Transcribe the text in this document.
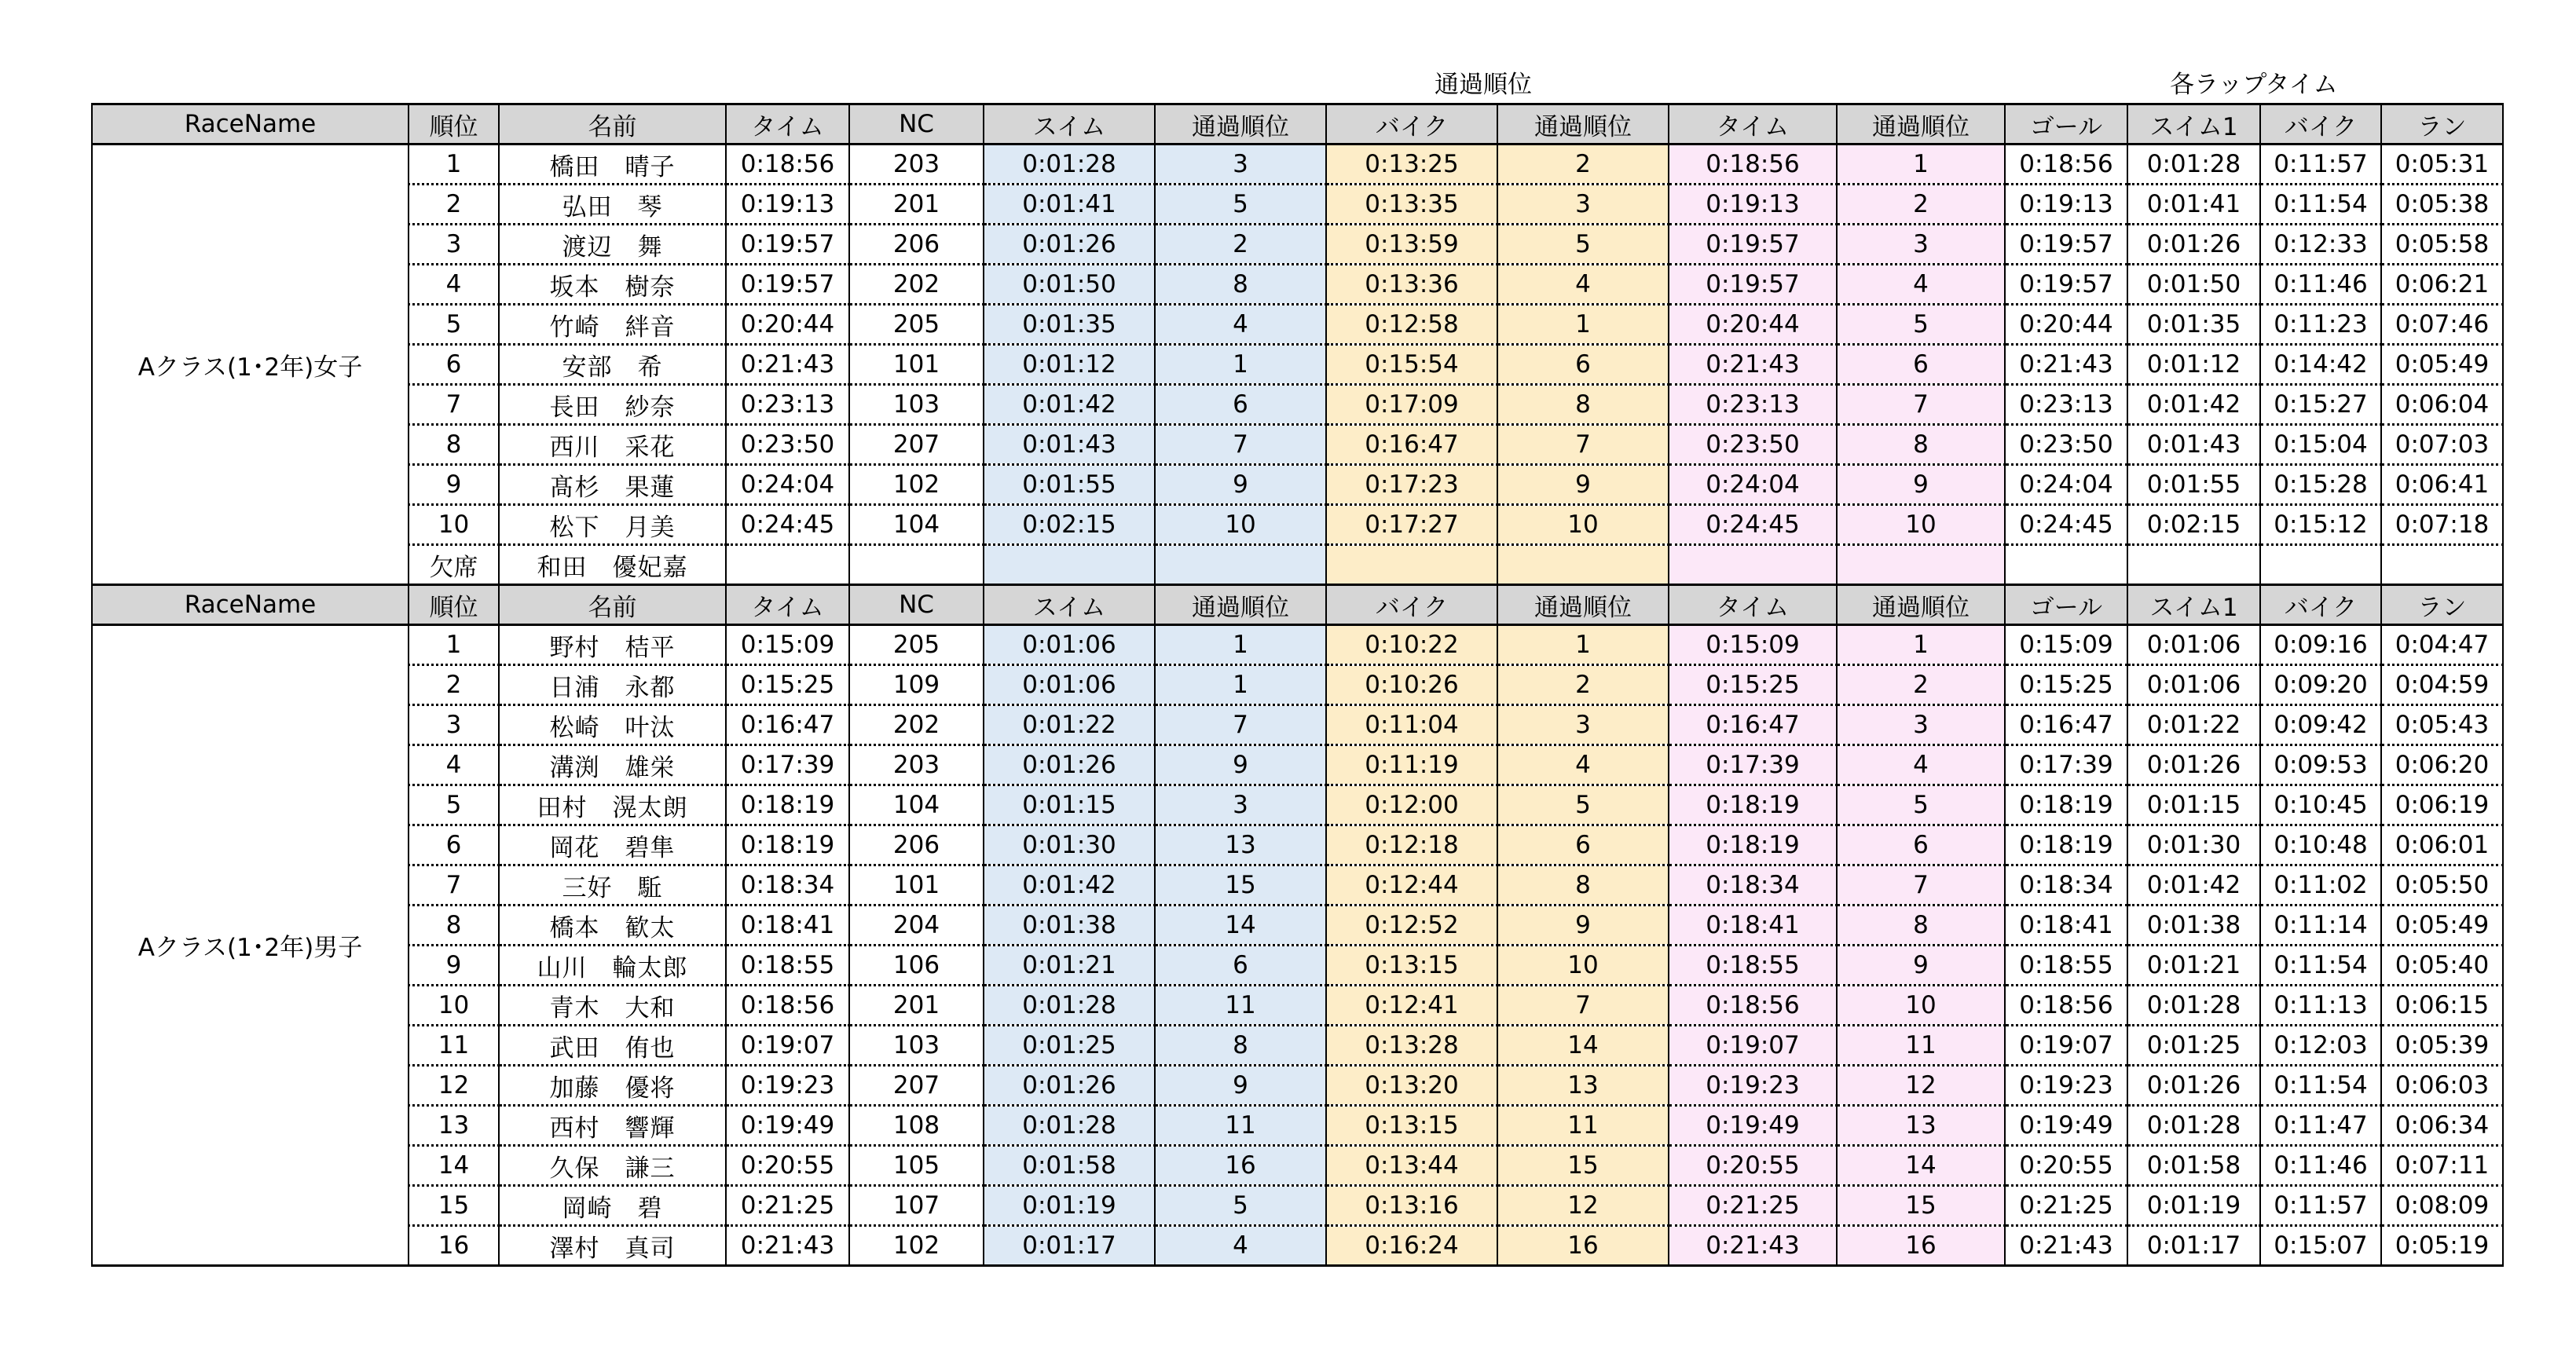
通過順位	各ラップタイム
RaceName	順位	名前	タイム	NC	スイム	通過順位	バイク	通過順位	タイム	通過順位	ゴール	スイム1	バイク	ラン
Aクラス(1･2年)女子	1	橋田　晴子	0:18:56	203	0:01:28	3	0:13:25	2	0:18:56	1	0:18:56	0:01:28	0:11:57	0:05:31
	2	弘田　琴	0:19:13	201	0:01:41	5	0:13:35	3	0:19:13	2	0:19:13	0:01:41	0:11:54	0:05:38
	3	渡辺　舞	0:19:57	206	0:01:26	2	0:13:59	5	0:19:57	3	0:19:57	0:01:26	0:12:33	0:05:58
	4	坂本　樹奈	0:19:57	202	0:01:50	8	0:13:36	4	0:19:57	4	0:19:57	0:01:50	0:11:46	0:06:21
	5	竹崎　絆音	0:20:44	205	0:01:35	4	0:12:58	1	0:20:44	5	0:20:44	0:01:35	0:11:23	0:07:46
	6	安部　希	0:21:43	101	0:01:12	1	0:15:54	6	0:21:43	6	0:21:43	0:01:12	0:14:42	0:05:49
	7	長田　紗奈	0:23:13	103	0:01:42	6	0:17:09	8	0:23:13	7	0:23:13	0:01:42	0:15:27	0:06:04
	8	西川　采花	0:23:50	207	0:01:43	7	0:16:47	7	0:23:50	8	0:23:50	0:01:43	0:15:04	0:07:03
	9	髙杉　果蓮	0:24:04	102	0:01:55	9	0:17:23	9	0:24:04	9	0:24:04	0:01:55	0:15:28	0:06:41
	10	松下　月美	0:24:45	104	0:02:15	10	0:17:27	10	0:24:45	10	0:24:45	0:02:15	0:15:12	0:07:18
	欠席	和田　優妃嘉												
RaceName	順位	名前	タイム	NC	スイム	通過順位	バイク	通過順位	タイム	通過順位	ゴール	スイム1	バイク	ラン
Aクラス(1･2年)男子	1	野村　桔平	0:15:09	205	0:01:06	1	0:10:22	1	0:15:09	1	0:15:09	0:01:06	0:09:16	0:04:47
	2	日浦　永都	0:15:25	109	0:01:06	1	0:10:26	2	0:15:25	2	0:15:25	0:01:06	0:09:20	0:04:59
	3	松崎　叶汰	0:16:47	202	0:01:22	7	0:11:04	3	0:16:47	3	0:16:47	0:01:22	0:09:42	0:05:43
	4	溝渕　雄栄	0:17:39	203	0:01:26	9	0:11:19	4	0:17:39	4	0:17:39	0:01:26	0:09:53	0:06:20
	5	田村　滉太朗	0:18:19	104	0:01:15	3	0:12:00	5	0:18:19	5	0:18:19	0:01:15	0:10:45	0:06:19
	6	岡花　碧隼	0:18:19	206	0:01:30	13	0:12:18	6	0:18:19	6	0:18:19	0:01:30	0:10:48	0:06:01
	7	三好　駈	0:18:34	101	0:01:42	15	0:12:44	8	0:18:34	7	0:18:34	0:01:42	0:11:02	0:05:50
	8	橋本　歓太	0:18:41	204	0:01:38	14	0:12:52	9	0:18:41	8	0:18:41	0:01:38	0:11:14	0:05:49
	9	山川　輪太郎	0:18:55	106	0:01:21	6	0:13:15	10	0:18:55	9	0:18:55	0:01:21	0:11:54	0:05:40
	10	青木　大和	0:18:56	201	0:01:28	11	0:12:41	7	0:18:56	10	0:18:56	0:01:28	0:11:13	0:06:15
	11	武田　侑也	0:19:07	103	0:01:25	8	0:13:28	14	0:19:07	11	0:19:07	0:01:25	0:12:03	0:05:39
	12	加藤　優将	0:19:23	207	0:01:26	9	0:13:20	13	0:19:23	12	0:19:23	0:01:26	0:11:54	0:06:03
	13	西村　響輝	0:19:49	108	0:01:28	11	0:13:15	11	0:19:49	13	0:19:49	0:01:28	0:11:47	0:06:34
	14	久保　謙三	0:20:55	105	0:01:58	16	0:13:44	15	0:20:55	14	0:20:55	0:01:58	0:11:46	0:07:11
	15	岡崎　碧	0:21:25	107	0:01:19	5	0:13:16	12	0:21:25	15	0:21:25	0:01:19	0:11:57	0:08:09
	16	澤村　真司	0:21:43	102	0:01:17	4	0:16:24	16	0:21:43	16	0:21:43	0:01:17	0:15:07	0:05:19
